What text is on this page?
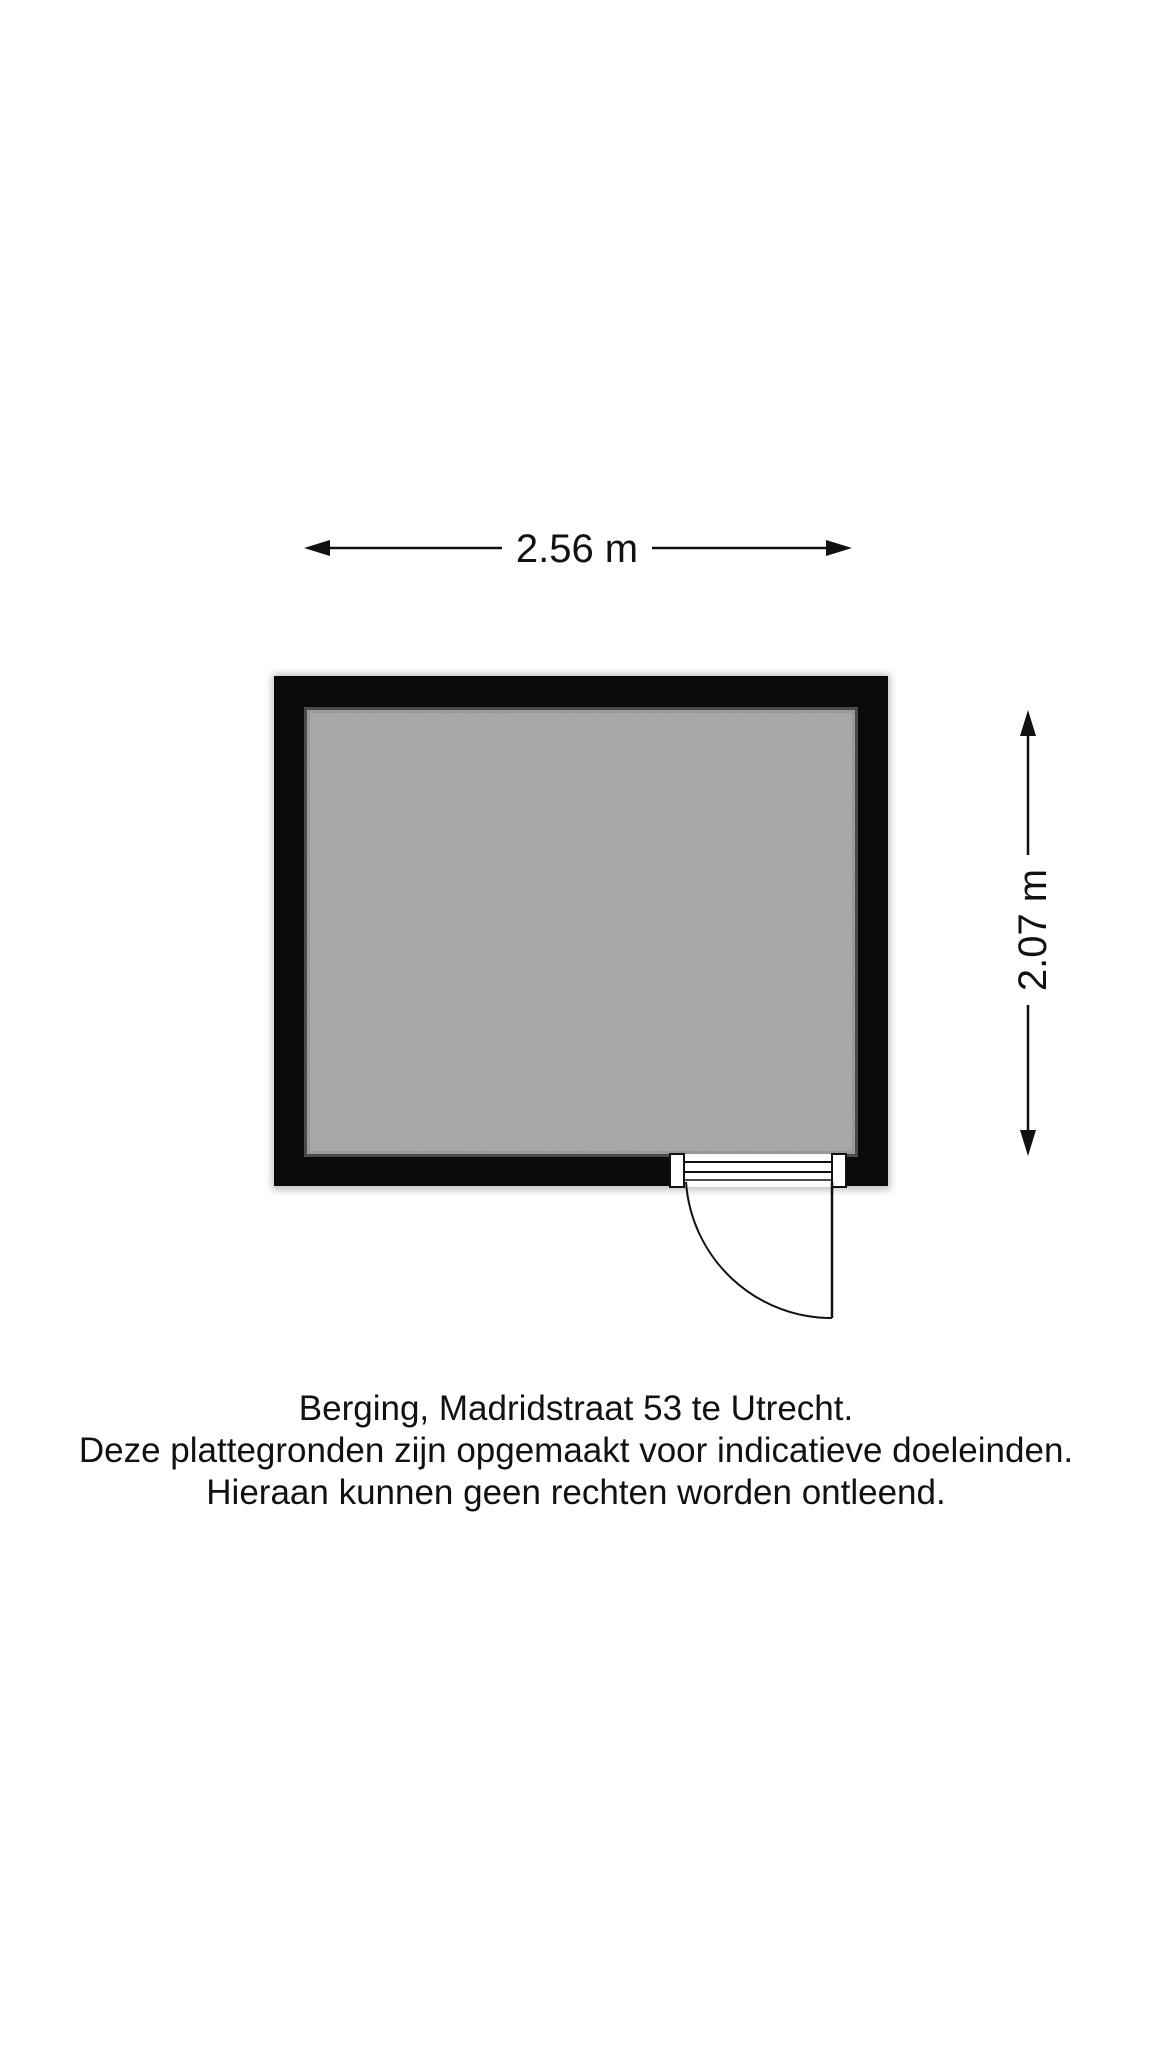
2.56 m
2.07 m
Berging, Madridstraat 53 te Utrecht.
Deze plattegronden zijn opgemaakt voor indicatieve doeleinden.
Hieraan kunnen geen rechten worden ontleend.
